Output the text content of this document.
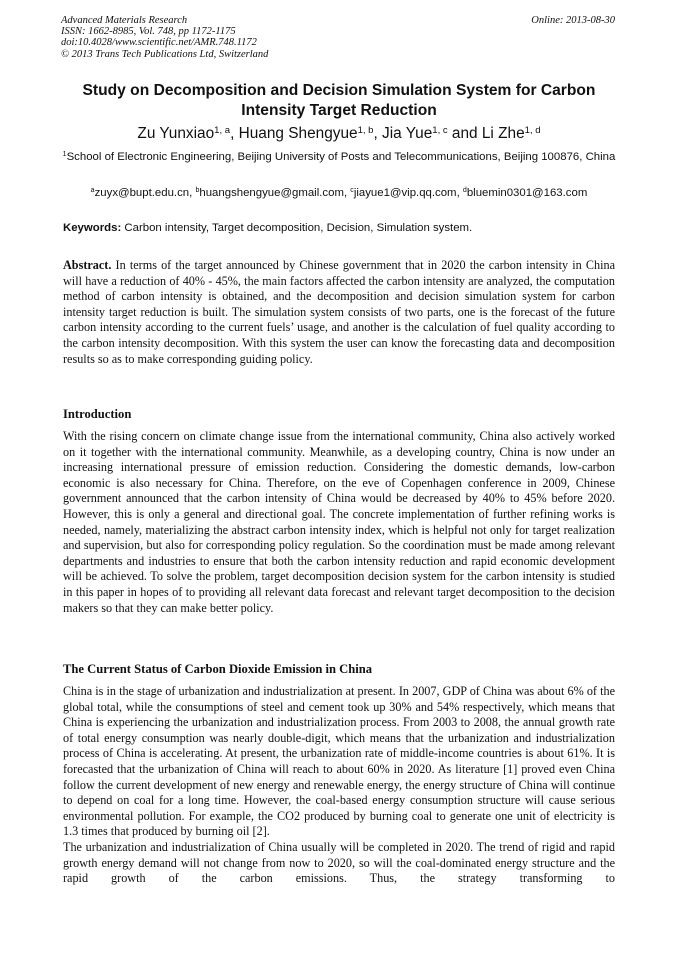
Advanced Materials Research
ISSN: 1662-8985, Vol. 748, pp 1172-1175
doi:10.4028/www.scientific.net/AMR.748.1172
© 2013 Trans Tech Publications Ltd, Switzerland
Online: 2013-08-30
Study on Decomposition and Decision Simulation System for Carbon
Intensity Target Reduction
Zu Yunxiao$^{1, a}$, Huang Shengyue$^{1, b}$, Jia Yue$^{1, c}$ and Li Zhe$^{1, d}$
$^1$School of Electronic Engineering, Beijing University of Posts and Telecommunications, Beijing 100876, China
$^a$zuyx@bupt.edu.cn, $^b$huangshengyue@gmail.com, $^c$jiayue1@vip.qq.com, $^d$bluemin0301@163.com
Keywords: Carbon intensity, Target decomposition, Decision, Simulation system.
Abstract. In terms of the target announced by Chinese government that in 2020 the carbon intensity in China will have a reduction of 40% - 45%, the main factors affected the carbon intensity are analyzed, the computation method of carbon intensity is obtained, and the decomposition and decision simulation system for carbon intensity target reduction is built. The simulation system consists of two parts, one is the forecast of the future carbon intensity according to the current fuels’ usage, and another is the calculation of fuel quality according to the carbon intensity decomposition. With this system the user can know the forecasting data and decomposition results so as to make corresponding guiding policy.
Introduction

With the rising concern on climate change issue from the international community, China also actively worked on it together with the international community. Meanwhile, as a developing country, China is now under an increasing international pressure of emission reduction. Considering the domestic demands, low-carbon economic is also necessary for China. Therefore, on the eve of Copenhagen conference in 2009, Chinese government announced that the carbon intensity of China would be decreased by 40% to 45% before 2020. However, this is only a general and directional goal. The concrete implementation of further refining works is needed, namely, materializing the abstract carbon intensity index, which is helpful not only for target realization and supervision, but also for corresponding policy regulation. So the coordination must be made among relevant departments and industries to ensure that both the carbon intensity reduction and rapid economic development will be achieved. To solve the problem, target decomposition decision system for the carbon intensity is studied in this paper in hopes of to providing all relevant data forecast and relevant target decomposition to the decision makers so that they can make better policy.

The Current Status of Carbon Dioxide Emission in China

China is in the stage of urbanization and industrialization at present. In 2007, GDP of China was about 6% of the global total, while the consumptions of steel and cement took up 30% and 54% respectively, which means that China is experiencing the urbanization and industrialization process. From 2003 to 2008, the annual growth rate of total energy consumption was nearly double-digit, which means that the urbanization and industrialization process of China is accelerating. At present, the urbanization rate of middle-income countries is about 61%. It is forecasted that the urbanization of China will reach to about 60% in 2020. As literature [1] proved even China follow the current development of new energy and renewable energy, the energy structure of China will continue to depend on coal for a long time. However, the coal-based energy consumption structure will cause serious environmental pollution. For example, the CO2 produced by burning coal to generate one unit of electricity is 1.3 times that produced by burning oil [2].

The urbanization and industrialization of China usually will be completed in 2020. The trend of rigid and rapid growth energy demand will not change from now to 2020, so will the coal-dominated energy structure and the rapid growth of the carbon emissions. Thus, the strategy transforming to
